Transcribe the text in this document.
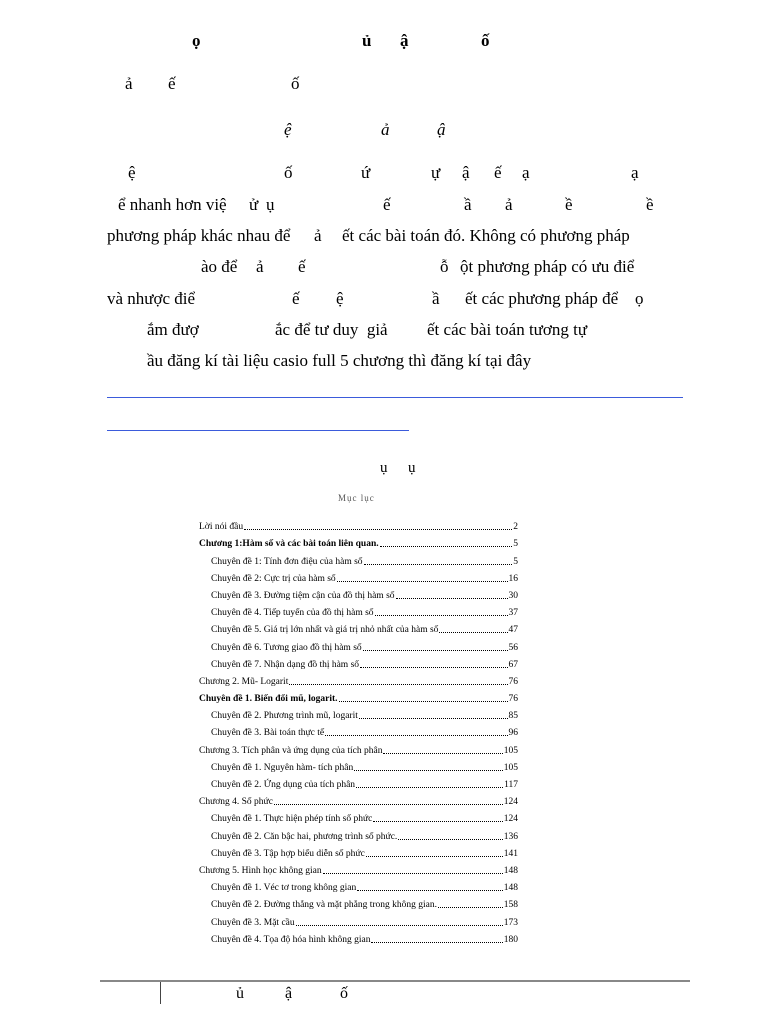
ọ	ủ ậ	ố
ả ế	ố
ệ	ả	ậ
ệ	ố	ứ	ự ậ ế ạ	ạ
ể nhanh hơn việ ử ụ	ế	ầ ả	ề	ề
phương pháp khác nhau để ả ết các bài toán đó. Không có phương pháp
ào để ả ế	ỗ ột phương pháp có ưu điể
và nhược điể	ế ệ	ầ ết các phương pháp để ọ
ắm đượ	ắc để tư duy  giả ết các bài toán tương tự
ầu đăng kí tài liệu casio full 5 chương thì đăng kí tại đây
ụ ụ
Mục lục
Lời nói đầu	2
Chương 1:Hàm số và các bài toán liên quan.	5
Chuyên đề 1: Tính đơn điệu của hàm số	5
Chuyên đề 2: Cực trị của hàm số	16
Chuyên đề 3. Đường tiệm cận của đồ thị hàm số	30
Chuyên đề 4. Tiếp tuyến của đồ thị hàm số	37
Chuyên đề 5. Giá trị lớn nhất và giá trị nhỏ nhất của hàm số	47
Chuyên đề 6. Tương giao đồ thị hàm số	56
Chuyên đề 7. Nhận dạng đồ thị hàm số	67
Chương 2. Mũ- Logarit	76
Chuyên đề 1. Biến đổi mũ, logarit.	76
Chuyên đề 2. Phương trình mũ, logarit	85
Chuyên đề 3. Bài toán thực tế	96
Chương 3. Tích phân và ứng dụng của tích phân	105
Chuyên đề 1. Nguyên hàm- tích phân	105
Chuyên đề 2. Ứng dụng của tích phân	117
Chương 4. Số phức	124
Chuyên đề 1. Thực hiện phép tính số phức	124
Chuyên đề 2. Căn bậc hai, phương trình số phức.	136
Chuyên đề 3. Tập hợp biểu diễn số phức	141
Chương 5. Hình học không gian	148
Chuyên đề 1. Véc tơ trong không gian	148
Chuyên đề 2. Đường thẳng và mặt phẳng trong không gian.	158
Chuyên đề 3. Mặt cầu	173
Chuyên đề 4. Tọa độ hóa hình không gian	180
ủ	ậ	ố
